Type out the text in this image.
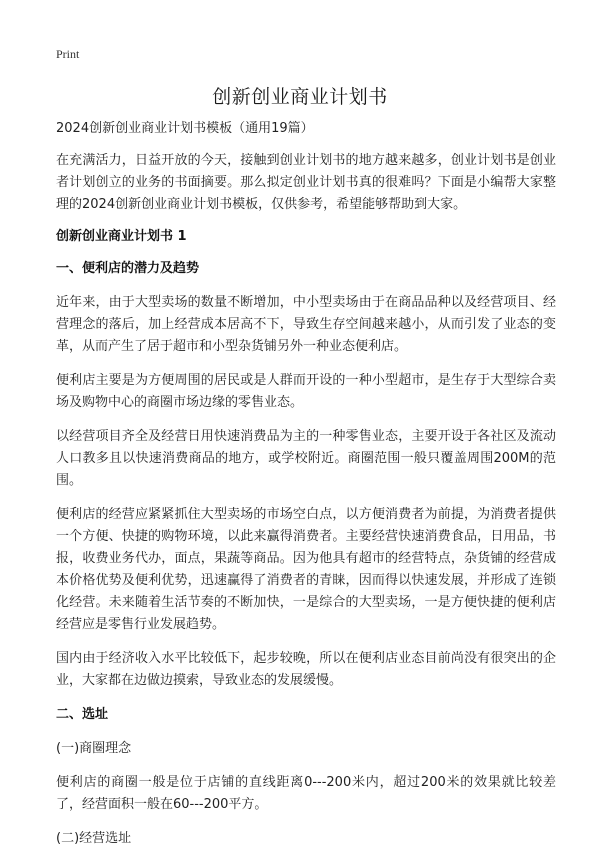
Print
创新创业商业计划书

2024创新创业商业计划书模板（通用19篇）

在充满活力，日益开放的今天，接触到创业计划书的地方越来越多，创业计划书是创业者计划创立的业务的书面摘要。那么拟定创业计划书真的很难吗？下面是小编帮大家整理的2024创新创业商业计划书模板，仅供参考，希望能够帮助到大家。

创新创业商业计划书 1

一、便利店的潜力及趋势

近年来，由于大型卖场的数量不断增加，中小型卖场由于在商品品种以及经营项目、经营理念的落后，加上经营成本居高不下，导致生存空间越来越小，从而引发了业态的变革，从而产生了居于超市和小型杂货铺另外一种业态便利店。

便利店主要是为方便周围的居民或是人群而开设的一种小型超市，是生存于大型综合卖场及购物中心的商圈市场边缘的零售业态。

以经营项目齐全及经营日用快速消费品为主的一种零售业态，主要开设于各社区及流动人口教多且以快速消费商品的地方，或学校附近。商圈范围一般只覆盖周围200M的范围。

便利店的经营应紧紧抓住大型卖场的市场空白点，以方便消费者为前提，为消费者提供一个方便、快捷的购物环境，以此来赢得消费者。主要经营快速消费食品，日用品，书报，收费业务代办，面点，果蔬等商品。因为他具有超市的经营特点，杂货铺的经营成本价格优势及便利优势，迅速赢得了消费者的青睐，因而得以快速发展，并形成了连锁化经营。未来随着生活节奏的不断加快，一是综合的大型卖场，一是方便快捷的便利店经营应是零售行业发展趋势。

国内由于经济收入水平比较低下，起步较晚，所以在便利店业态目前尚没有很突出的企业，大家都在边做边摸索，导致业态的发展缓慢。

二、选址

(一)商圈理念

便利店的商圈一般是位于店铺的直线距离0---200米内，超过200米的效果就比较差了，经营面积一般在60---200平方。

(二)经营选址
